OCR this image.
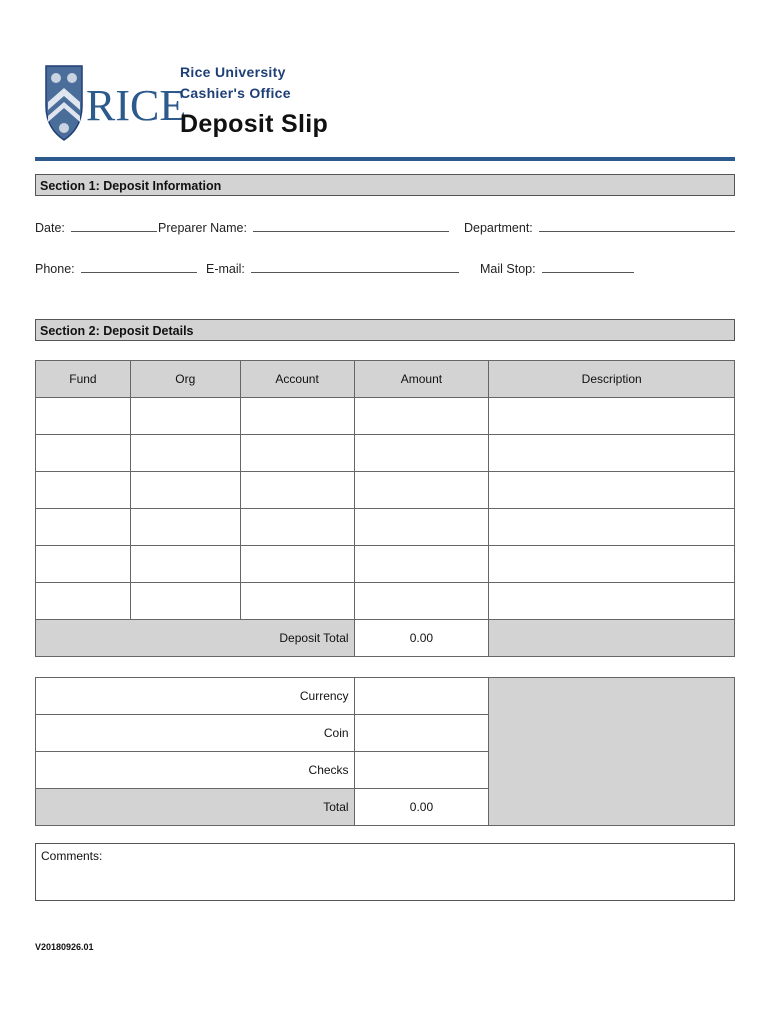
RICE
Rice University
Cashier's Office
Deposit Slip
Section 1: Deposit Information
Date:	Preparer Name:	Department:
Phone:	E-mail:	Mail Stop:
Section 2: Deposit Details
Fund	Org	Account	Amount	Description

Deposit Total			0.00	
Currency		
Coin		
Checks		
Total	0.00	
Comments:
V20180926.01
